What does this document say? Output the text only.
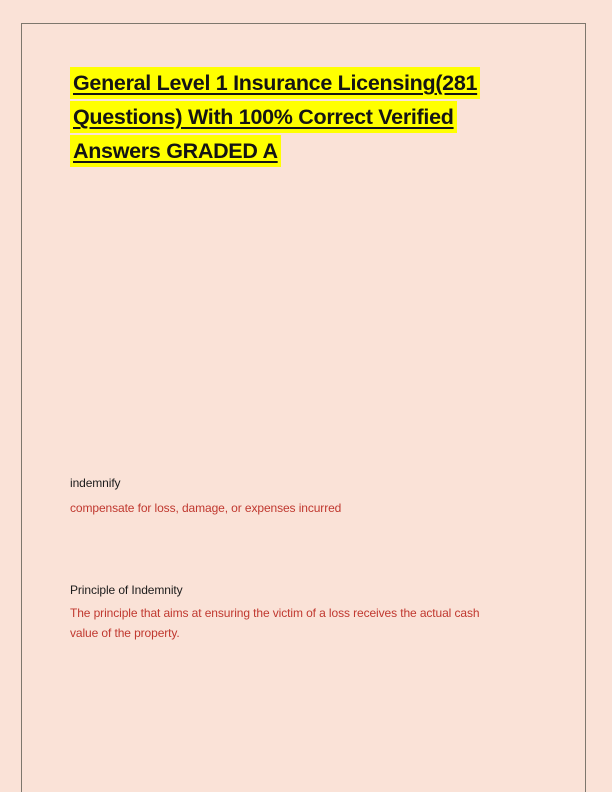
General Level 1 Insurance Licensing(281
Questions) With 100% Correct Verified
Answers GRADED A
indemnify
compensate for loss, damage, or expenses incurred
Principle of Indemnity
The principle that aims at ensuring the victim of a loss receives the actual cash
value of the property.
